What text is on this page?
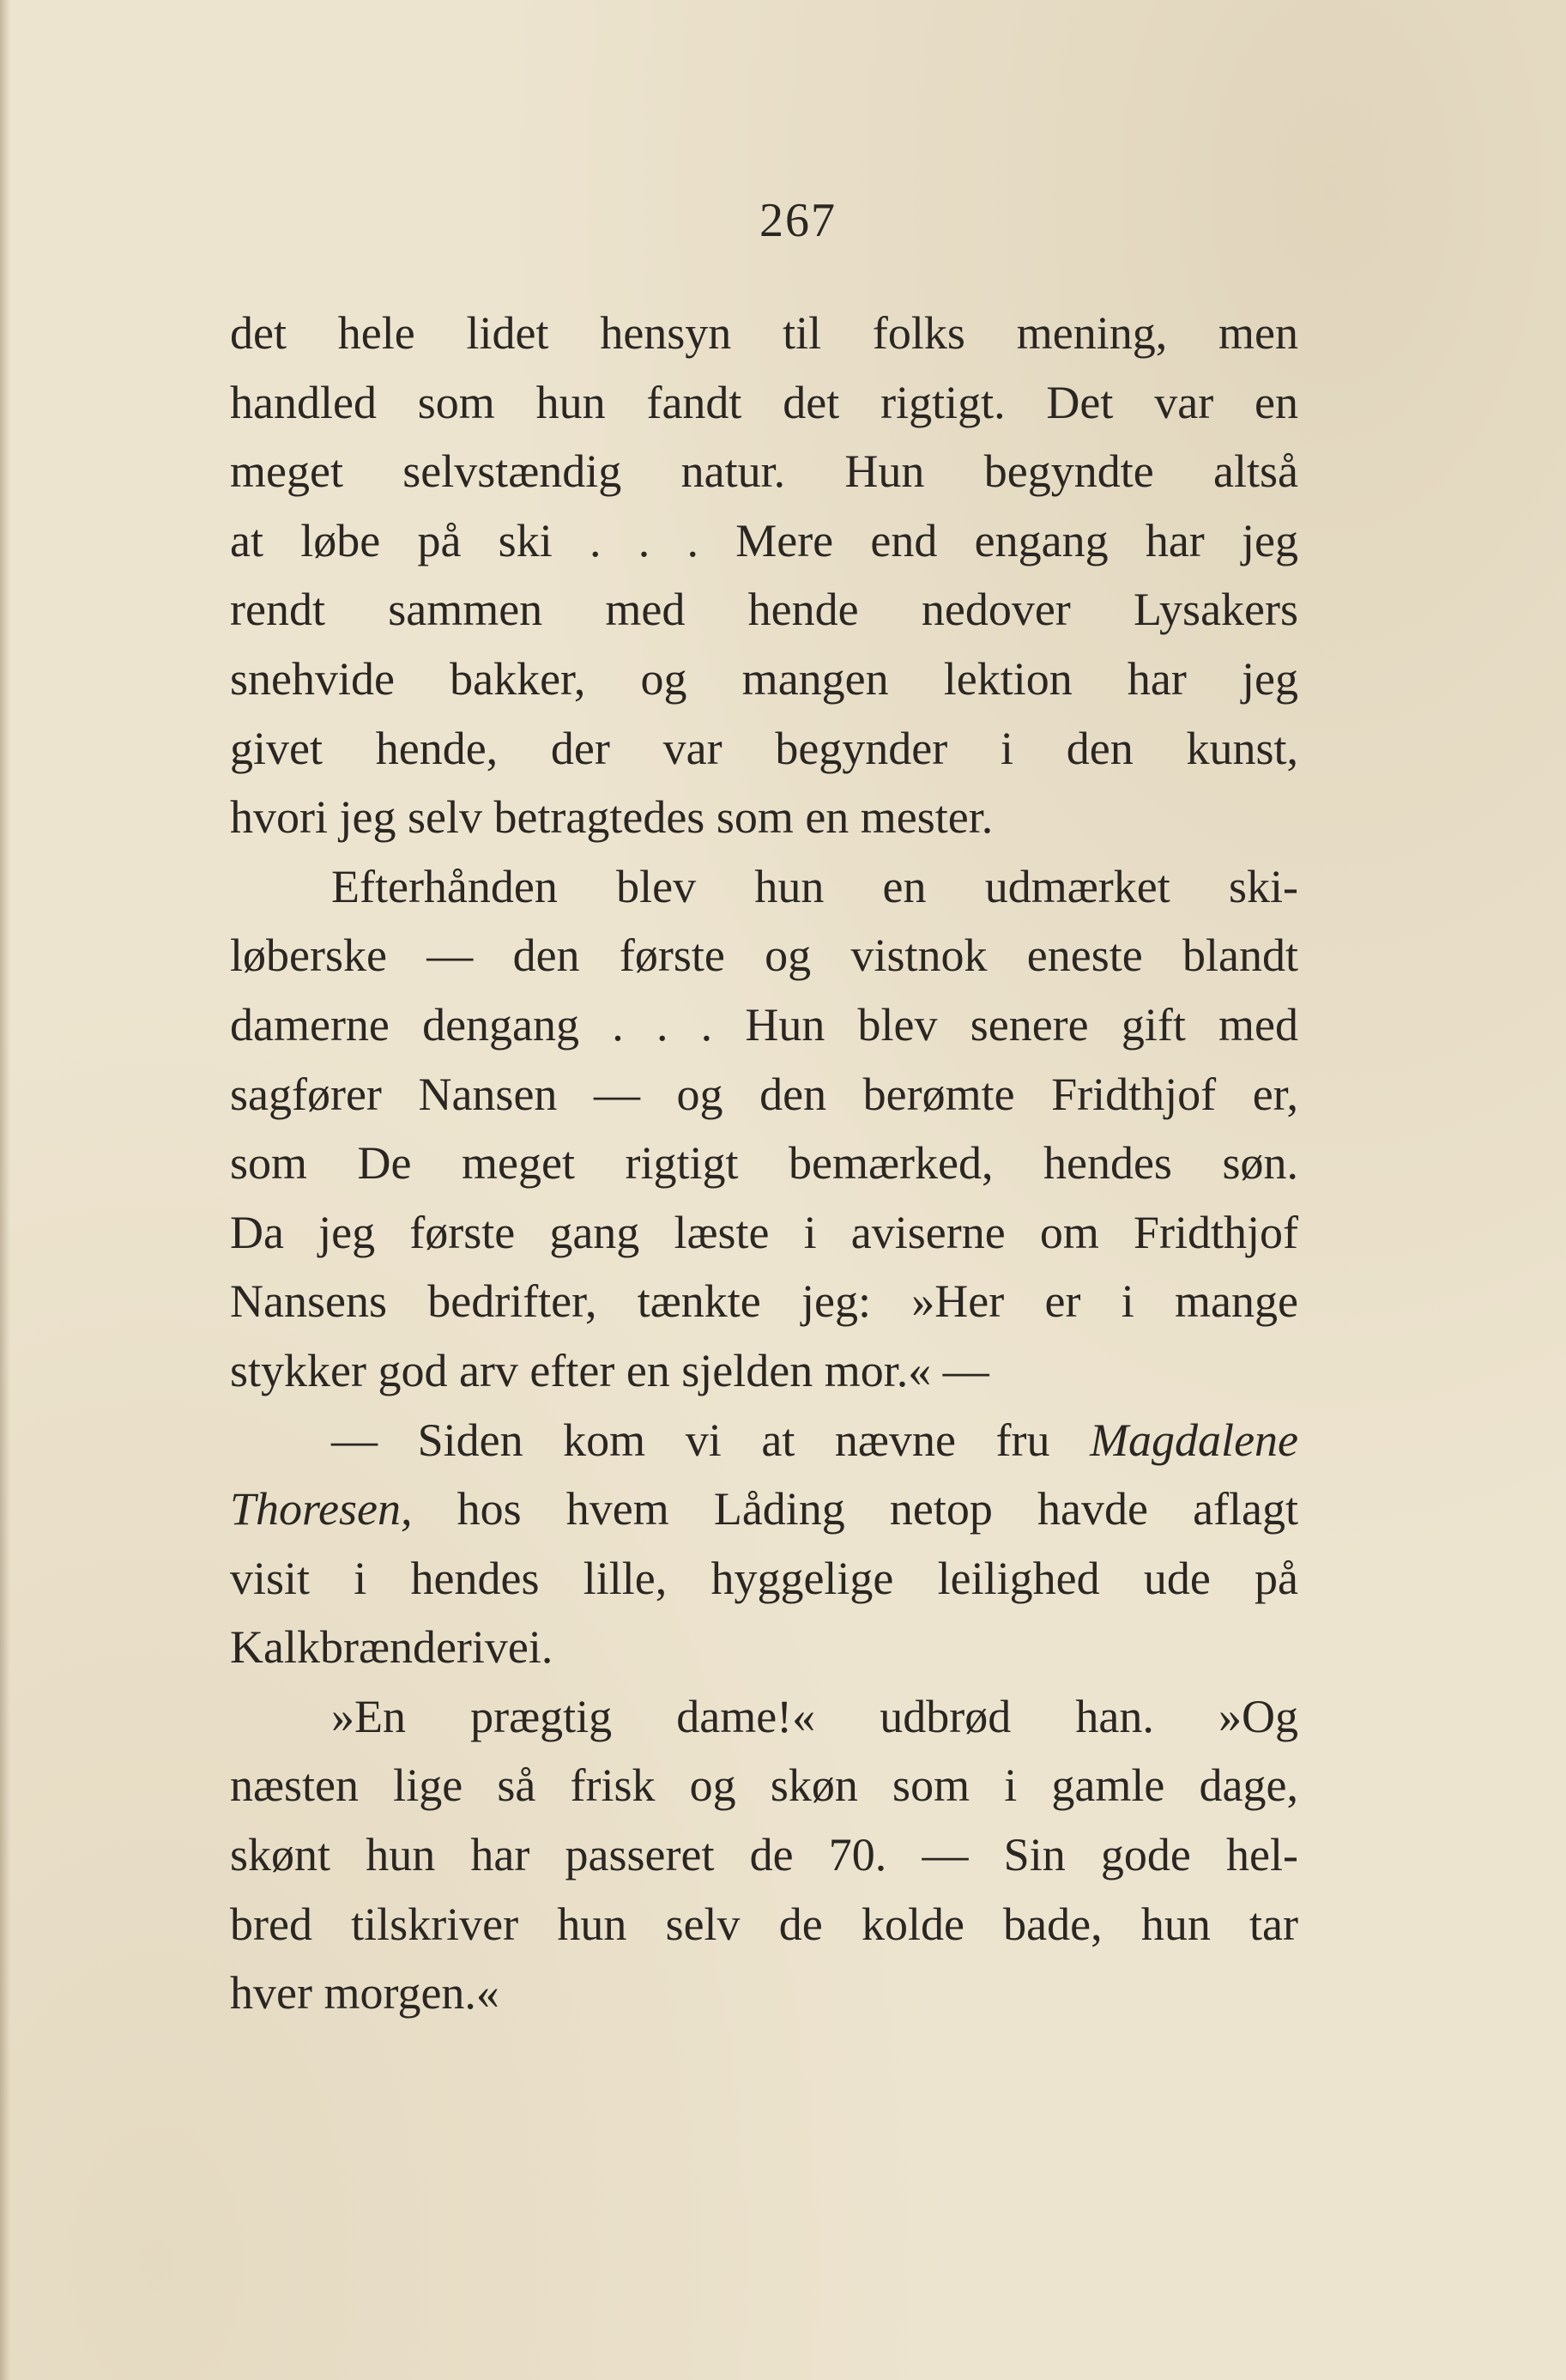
267
det hele lidet hensyn til folks mening, men
handled som hun fandt det rigtigt. Det var en
meget selvstændig natur. Hun begyndte altså
at løbe på ski . . . Mere end engang har jeg
rendt sammen med hende nedover Lysakers
snehvide bakker, og mangen lektion har jeg
givet hende, der var begynder i den kunst,
hvori jeg selv betragtedes som en mester.
Efterhånden blev hun en udmærket ski-
løberske — den første og vistnok eneste blandt
damerne dengang . . . Hun blev senere gift med
sagfører Nansen — og den berømte Fridthjof er,
som De meget rigtigt bemærked, hendes søn.
Da jeg første gang læste i aviserne om Fridthjof
Nansens bedrifter, tænkte jeg: »Her er i mange
stykker god arv efter en sjelden mor.« —
— Siden kom vi at nævne fru Magdalene
Thoresen, hos hvem Låding netop havde aflagt
visit i hendes lille, hyggelige leilighed ude på
Kalkbrænderivei.
»En prægtig dame!« udbrød han. »Og
næsten lige så frisk og skøn som i gamle dage,
skønt hun har passeret de 70. — Sin gode hel-
bred tilskriver hun selv de kolde bade, hun tar
hver morgen.«
